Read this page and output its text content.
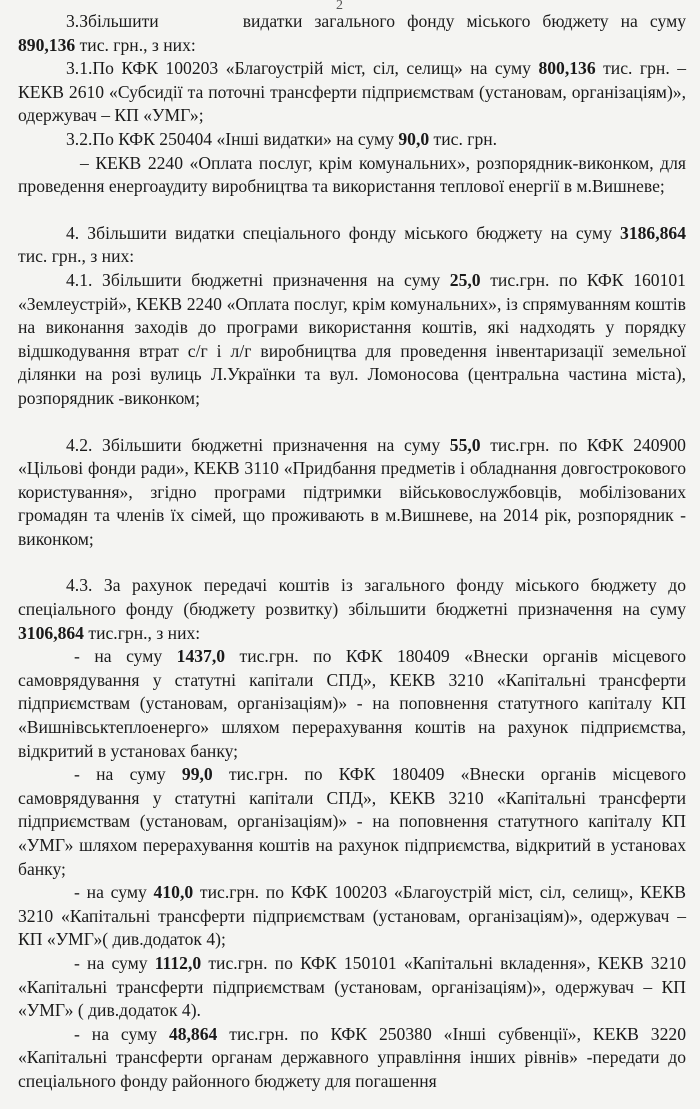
2

3.Збільшити	видатки загального фонду міського бюджету на суму 890,136 тис. грн., з них:

3.1.По КФК 100203 «Благоустрій міст, сіл, селищ» на суму 800,136 тис. грн. – КЕКВ 2610 «Субсидії та поточні трансферти підприємствам (установам, організаціям)», одержувач – КП «УМГ»;

3.2.По КФК 250404 «Інші видатки» на суму 90,0 тис. грн.

– КЕКВ 2240 «Оплата послуг, крім комунальних», розпорядник-виконком, для проведення енергоаудиту виробництва та використання теплової енергії в м.Вишневе;

4. Збільшити видатки спеціального фонду міського бюджету на суму 3186,864 тис. грн., з них:

4.1. Збільшити бюджетні призначення на суму 25,0 тис.грн. по КФК 160101 «Землеустрій», КЕКВ 2240 «Оплата послуг, крім комунальних», із спрямуванням коштів на виконання заходів до програми використання коштів, які надходять у порядку відшкодування втрат с/г і л/г виробництва для проведення інвентаризації земельної ділянки на розі вулиць Л.Українки та вул. Ломоносова (центральна частина міста), розпорядник -виконком;

4.2. Збільшити бюджетні призначення на суму 55,0 тис.грн. по КФК 240900 «Цільові фонди ради», КЕКВ 3110 «Придбання предметів і обладнання довгострокового користування», згідно програми підтримки військовослужбовців, мобілізованих громадян та членів їх сімей, що проживають в м.Вишневе, на 2014 рік, розпорядник - виконком;

4.3. За рахунок передачі коштів із загального фонду міського бюджету до спеціального фонду (бюджету розвитку) збільшити бюджетні призначення на суму 3106,864 тис.грн., з них:

- на суму 1437,0 тис.грн. по КФК 180409 «Внески органів місцевого самоврядування у статутні капітали СПД», КЕКВ 3210 «Капітальні трансферти підприємствам (установам, організаціям)» - на поповнення статутного капіталу КП «Вишнівськтеплоенерго» шляхом перерахування коштів на рахунок підприємства, відкритий в установах банку;

- на суму 99,0 тис.грн. по КФК 180409 «Внески органів місцевого самоврядування у статутні капітали СПД», КЕКВ 3210 «Капітальні трансферти підприємствам (установам, організаціям)» - на поповнення статутного капіталу КП «УМГ» шляхом перерахування коштів на рахунок підприємства, відкритий в установах банку;

- на суму 410,0 тис.грн. по КФК 100203 «Благоустрій міст, сіл, селищ», КЕКВ 3210 «Капітальні трансферти підприємствам (установам, організаціям)», одержувач – КП «УМГ»( див.додаток 4);

- на суму 1112,0 тис.грн. по КФК 150101 «Капітальні вкладення», КЕКВ 3210 «Капітальні трансферти підприємствам (установам, організаціям)», одержувач – КП «УМГ» ( див.додаток 4).

- на суму 48,864 тис.грн. по КФК 250380 «Інші субвенції», КЕКВ 3220 «Капітальні трансферти органам державного управління інших рівнів» -передати до спеціального фонду районного бюджету для погашення
